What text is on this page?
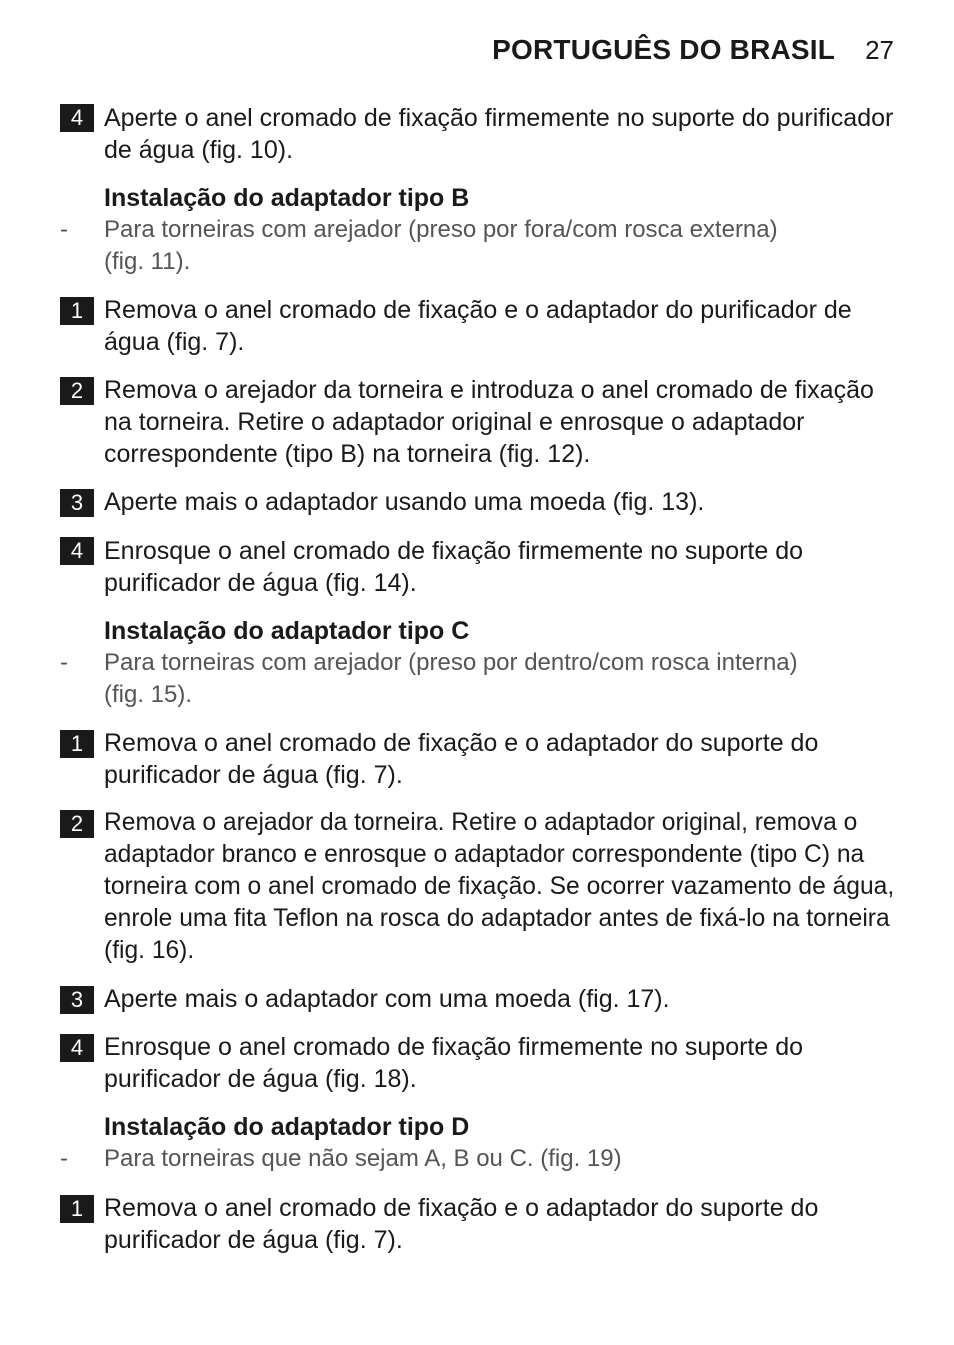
PORTUGUÊS DO BRASIL 27
4 Aperte o anel cromado de fixação firmemente no suporte do purificador de água (fig. 10).
Instalação do adaptador tipo B
- Para torneiras com arejador (preso por fora/com rosca externa) (fig. 11).
1 Remova o anel cromado de fixação e o adaptador do purificador de água (fig. 7).
2 Remova o arejador da torneira e introduza o anel cromado de fixação na torneira. Retire o adaptador original e enrosque o adaptador correspondente (tipo B) na torneira (fig. 12).
3 Aperte mais o adaptador usando uma moeda (fig. 13).
4 Enrosque o anel cromado de fixação firmemente no suporte do purificador de água (fig. 14).
Instalação do adaptador tipo C
- Para torneiras com arejador (preso por dentro/com rosca interna) (fig. 15).
1 Remova o anel cromado de fixação e o adaptador do suporte do purificador de água (fig. 7).
2 Remova o arejador da torneira. Retire o adaptador original, remova o adaptador branco e enrosque o adaptador correspondente (tipo C) na torneira com o anel cromado de fixação. Se ocorrer vazamento de água, enrole uma fita Teflon na rosca do adaptador antes de fixá-lo na torneira (fig. 16).
3 Aperte mais o adaptador com uma moeda (fig. 17).
4 Enrosque o anel cromado de fixação firmemente no suporte do purificador de água (fig. 18).
Instalação do adaptador tipo D
- Para torneiras que não sejam A, B ou C. (fig. 19)
1 Remova o anel cromado de fixação e o adaptador do suporte do purificador de água (fig. 7).
